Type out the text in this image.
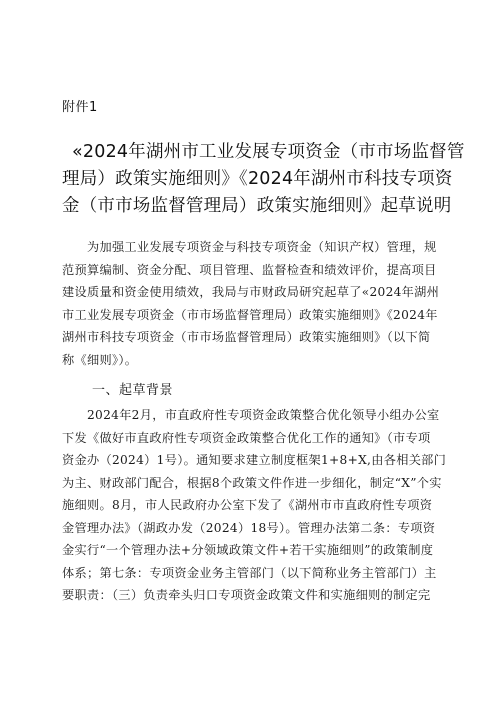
附件1
«2024年湖州市工业发展专项资金（市市场监督管
理局）政策实施细则》《2024年湖州市科技专项资
金（市市场监督管理局）政策实施细则》起草说明
　　为加强工业发展专项资金与科技专项资金（知识产权）管理，规
范预算编制、资金分配、项目管理、监督检查和绩效评价，提高项目
建设质量和资金使用绩效，我局与市财政局研究起草了«2024年湖州
市工业发展专项资金（市市场监督管理局）政策实施细则》《2024年
湖州市科技专项资金（市市场监督管理局）政策实施细则》（以下简
称《细则》）。
一、起草背景
　　2024年2月，市直政府性专项资金政策整合优化领导小组办公室
下发《做好市直政府性专项资金政策整合优化工作的通知》（市专项
资金办（2024）1号）。通知要求建立制度框架1+8+X,由各相关部门
为主、财政部门配合，根据8个政策文件作进一步细化，制定“X”个实
施细则。8月，市人民政府办公室下发了《湖州市市直政府性专项资
金管理办法》（湖政办发（2024）18号）。管理办法第二条：专项资
金实行“一个管理办法+分领域政策文件+若干实施细则”的政策制度
体系；第七条：专项资金业务主管部门（以下简称业务主管部门）主
要职责：（三）负责牵头归口专项资金政策文件和实施细则的制定完
